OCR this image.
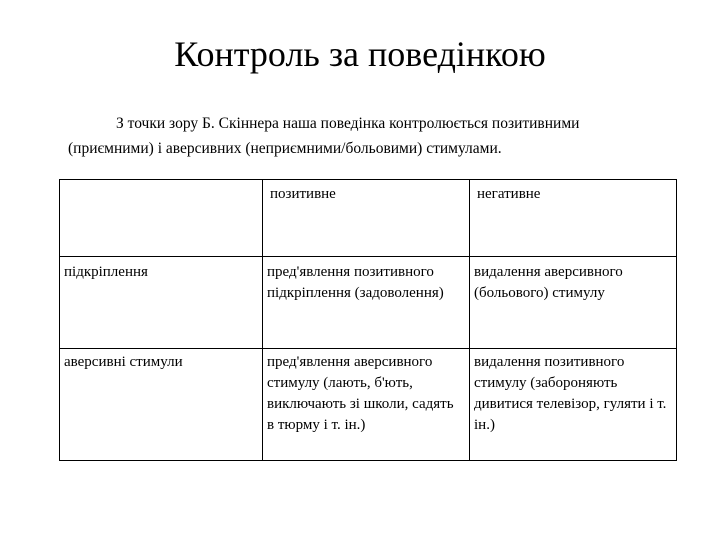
Контроль за поведінкою

З точки зору Б. Скіннера наша поведінка контролюється позитивними
(приємними) і аверсивних (неприємними/больовими) стимулами.

	позитивне	негативне
підкріплення	пред'явлення позитивного підкріплення (задоволення)	видалення аверсивного (больового) стимулу
аверсивні стимули	пред'явлення аверсивного стимулу (лають, б'ють, виключають зі школи, садять в тюрму і т. ін.)	видалення позитивного стимулу (забороняють дивитися телевізор, гуляти і т. ін.)
